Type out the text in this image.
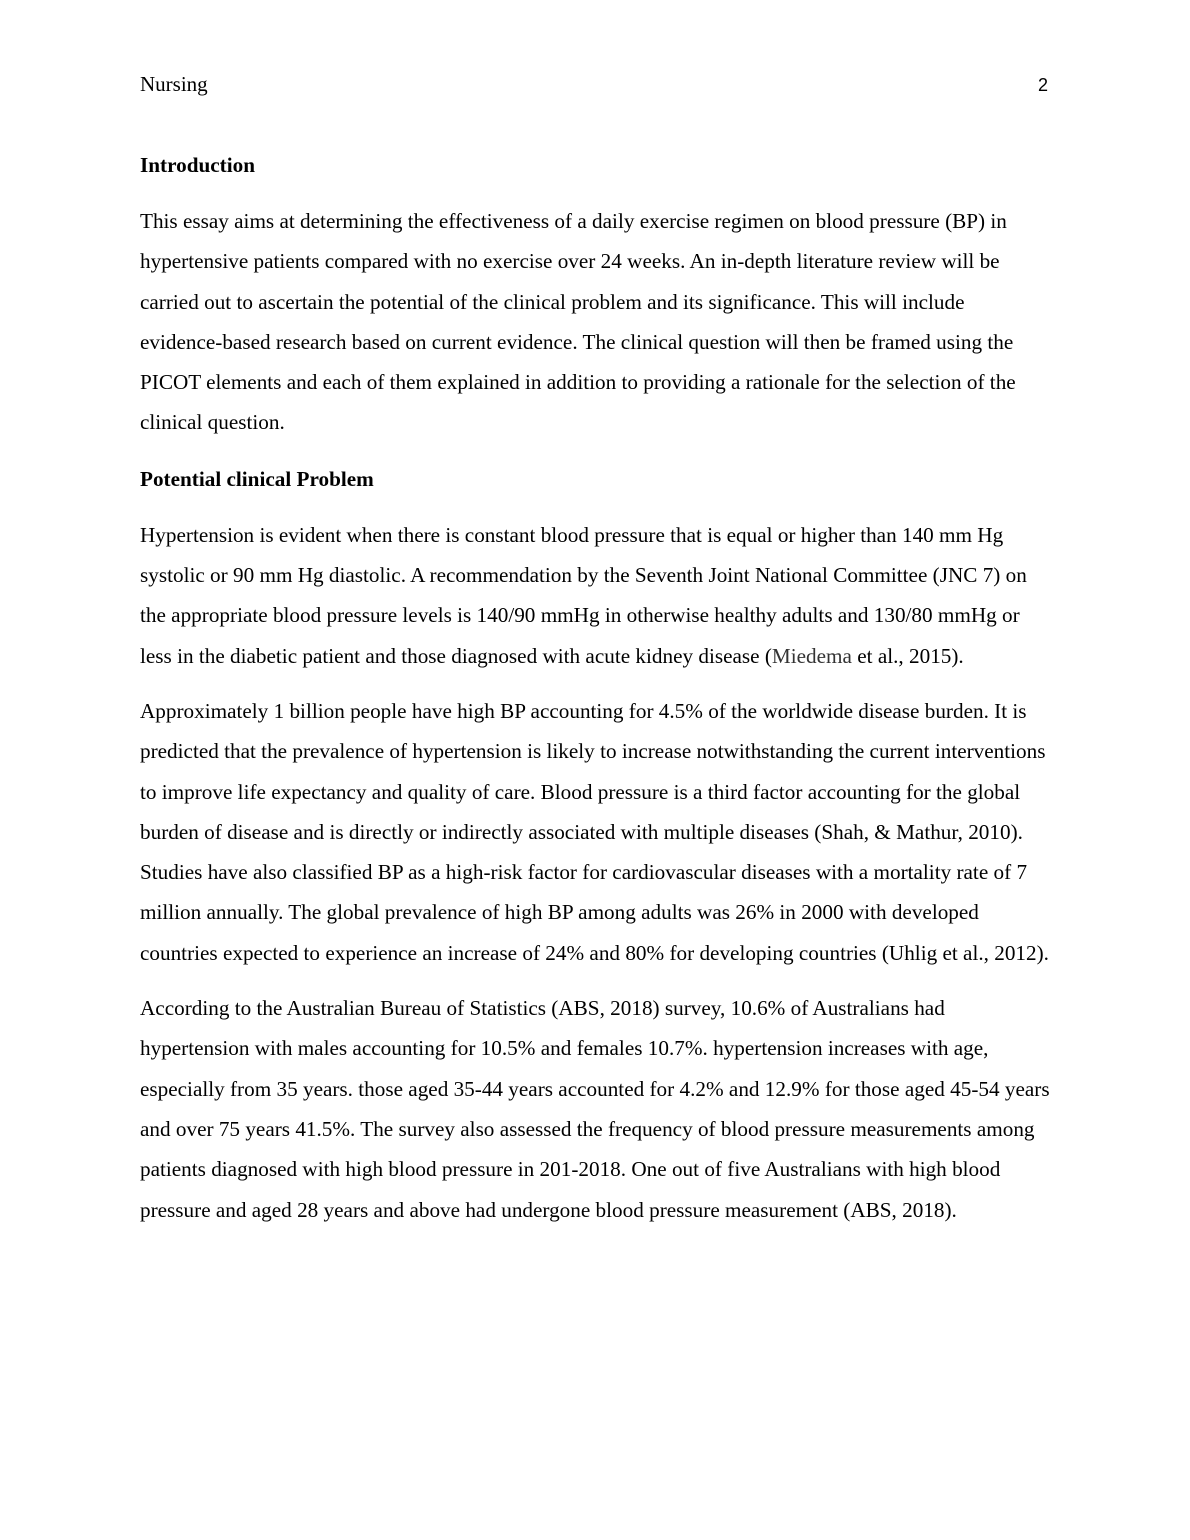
Nursing	2
Introduction

This essay aims at determining the effectiveness of a daily exercise regimen on blood pressure (BP) in hypertensive patients compared with no exercise over 24 weeks. An in-depth literature review will be carried out to ascertain the potential of the clinical problem and its significance. This will include evidence-based research based on current evidence. The clinical question will then be framed using the PICOT elements and each of them explained in addition to providing a rationale for the selection of the clinical question.

Potential clinical Problem

Hypertension is evident when there is constant blood pressure that is equal or higher than 140 mm Hg systolic or 90 mm Hg diastolic. A recommendation by the Seventh Joint National Committee (JNC 7) on the appropriate blood pressure levels is 140/90 mmHg in otherwise healthy adults and 130/80 mmHg or less in the diabetic patient and those diagnosed with acute kidney disease (Miedema et al., 2015).

Approximately 1 billion people have high BP accounting for 4.5% of the worldwide disease burden. It is predicted that the prevalence of hypertension is likely to increase notwithstanding the current interventions to improve life expectancy and quality of care. Blood pressure is a third factor accounting for the global burden of disease and is directly or indirectly associated with multiple diseases (Shah, & Mathur, 2010). Studies have also classified BP as a high-risk factor for cardiovascular diseases with a mortality rate of 7 million annually. The global prevalence of high BP among adults was 26% in 2000 with developed countries expected to experience an increase of 24% and 80% for developing countries (Uhlig et al., 2012).

According to the Australian Bureau of Statistics (ABS, 2018) survey, 10.6% of Australians had hypertension with males accounting for 10.5% and females 10.7%. hypertension increases with age, especially from 35 years. those aged 35-44 years accounted for 4.2% and 12.9% for those aged 45-54 years and over 75 years 41.5%. The survey also assessed the frequency of blood pressure measurements among patients diagnosed with high blood pressure in 201-2018. One out of five Australians with high blood pressure and aged 28 years and above had undergone blood pressure measurement (ABS, 2018).
